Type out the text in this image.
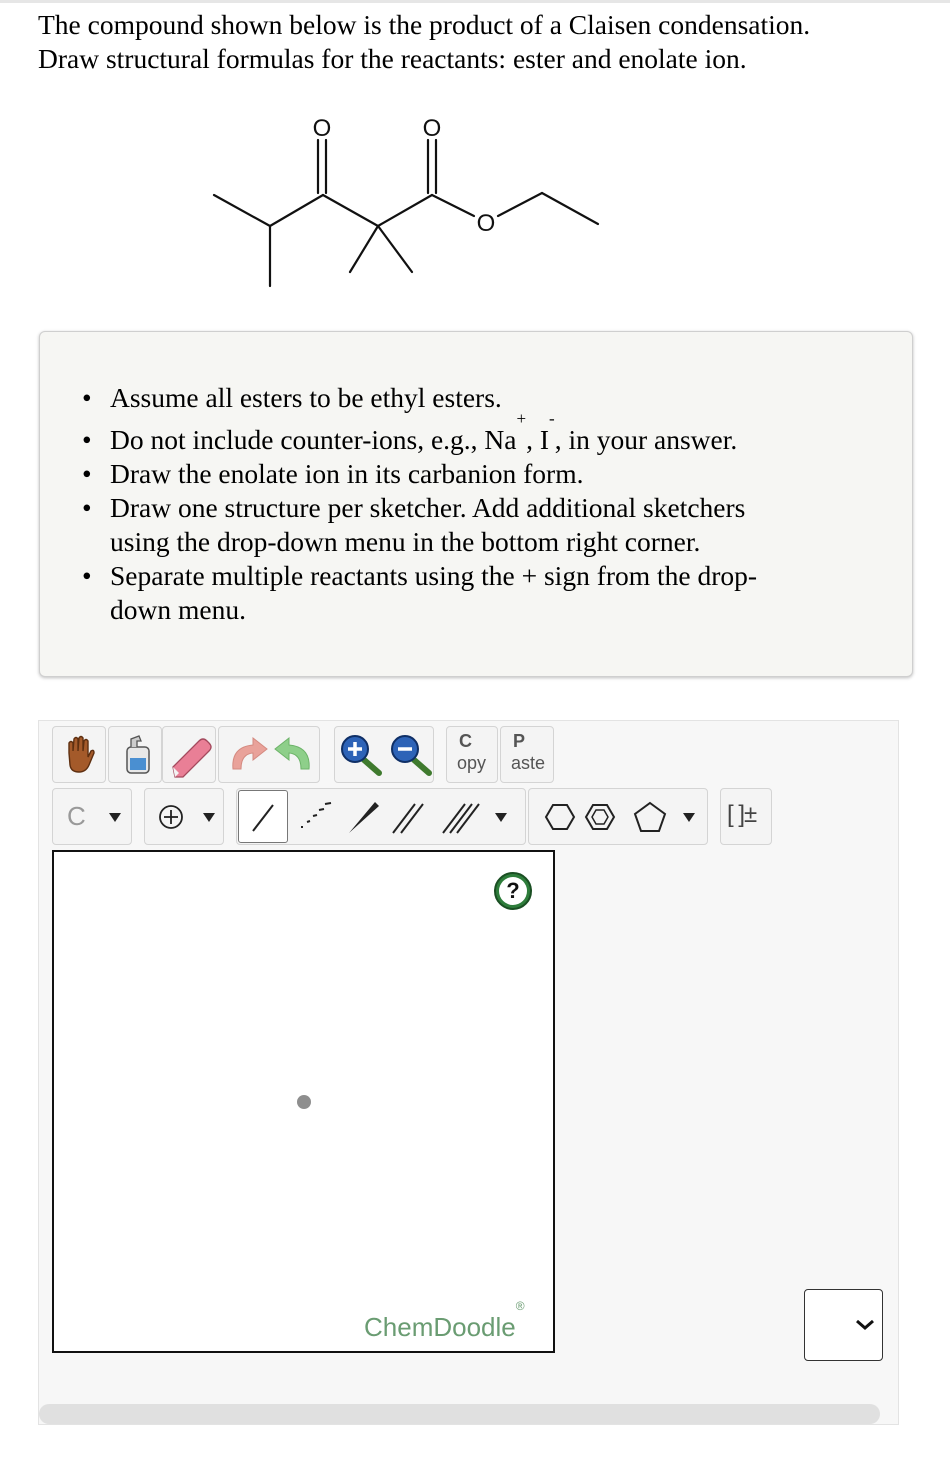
The compound shown below is the product of a Claisen condensation.
Draw structural formulas for the reactants: ester and enolate ion.
O	O
O
• Assume all esters to be ethyl esters.
• Do not include counter-ions, e.g., Na+, I-, in your answer.
• Draw the enolate ion in its carbanion form.
• Draw one structure per sketcher. Add additional sketchers
using the drop-down menu in the bottom right corner.
• Separate multiple reactants using the + sign from the drop-
down menu.
C
opy
P
aste
C	[ ]±
?
ChemDoodle®
